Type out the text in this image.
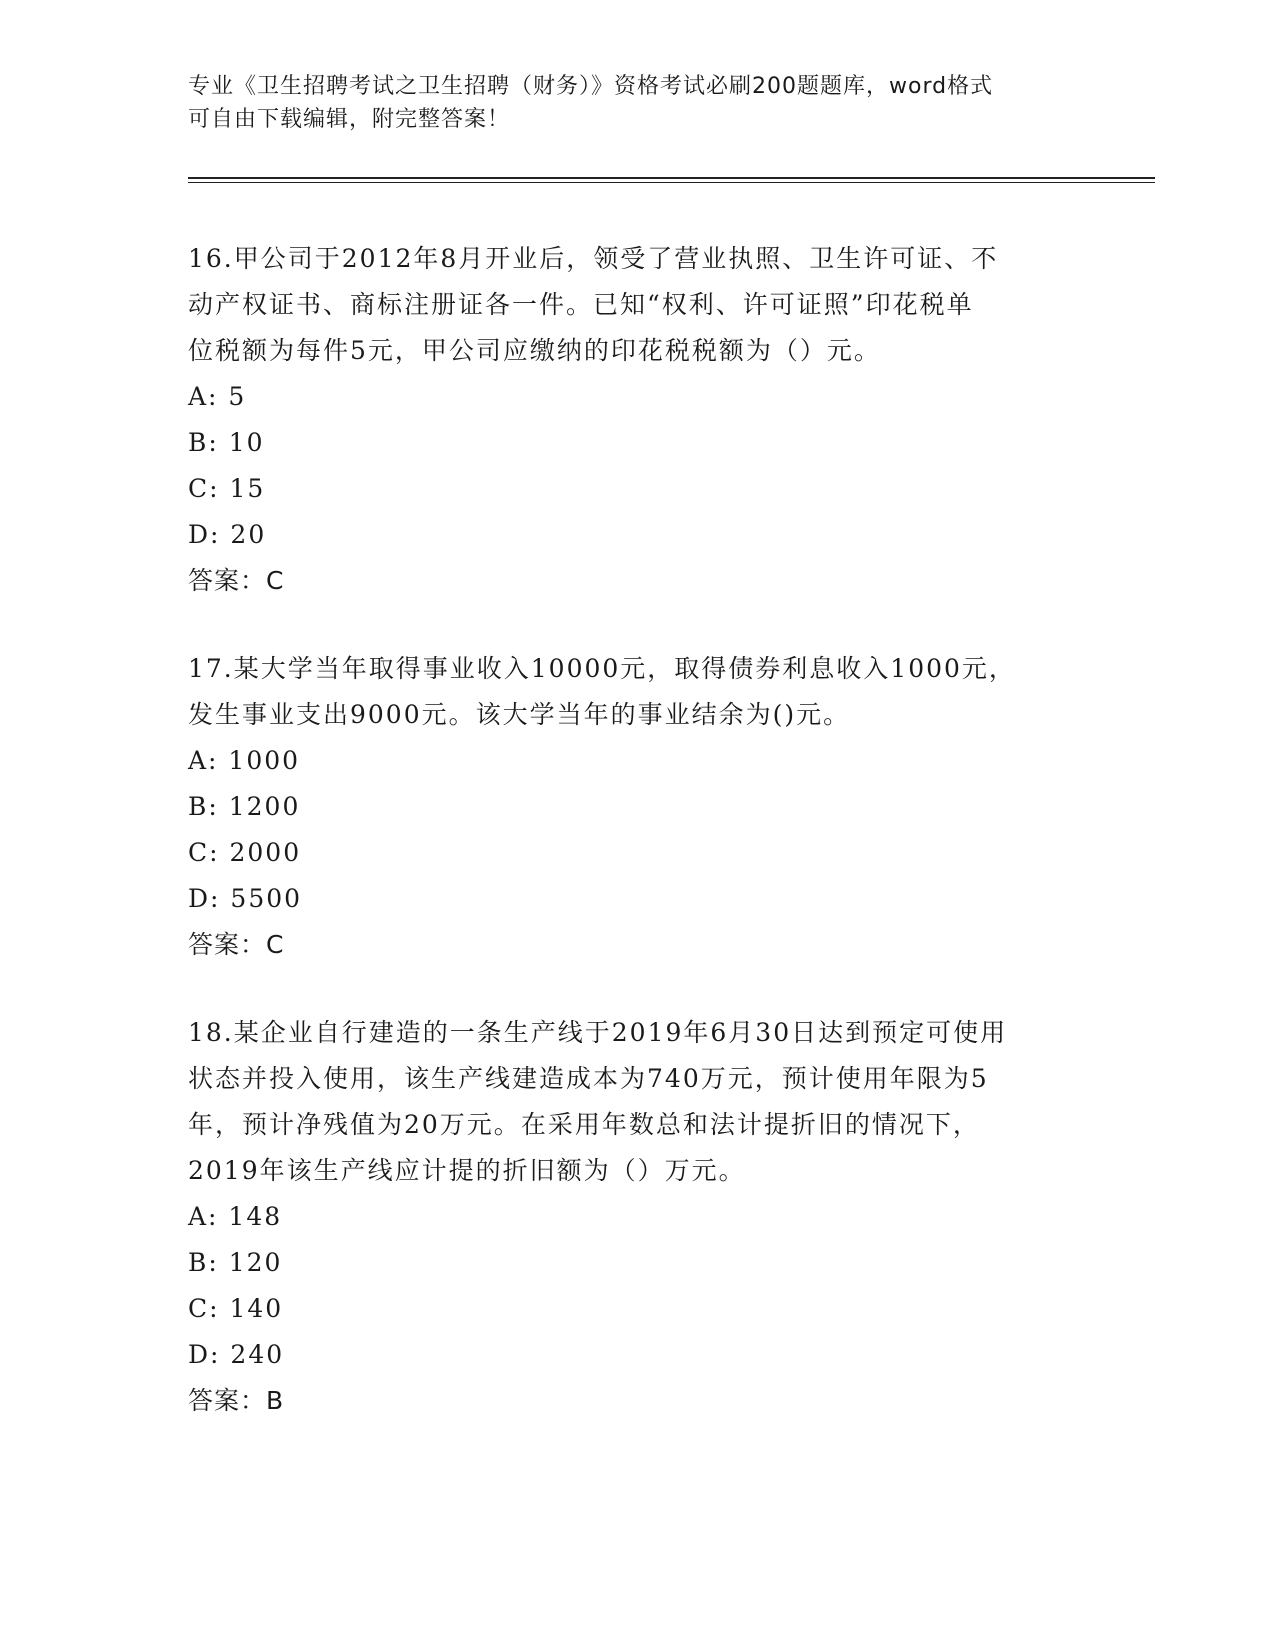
专业《卫生招聘考试之卫生招聘（财务）》资格考试必刷200题题库，word格式
可自由下载编辑，附完整答案！
16.甲公司于2012年8月开业后，领受了营业执照、卫生许可证、不
动产权证书、商标注册证各一件。已知“权利、许可证照”印花税单
位税额为每件5元，甲公司应缴纳的印花税税额为（）元。
A: 5
B: 10
C: 15
D: 20
答案：C
17.某大学当年取得事业收入10000元，取得债券利息收入1000元，
发生事业支出9000元。该大学当年的事业结余为()元。
A: 1000
B: 1200
C: 2000
D: 5500
答案：C
18.某企业自行建造的一条生产线于2019年6月30日达到预定可使用
状态并投入使用，该生产线建造成本为740万元，预计使用年限为5
年，预计净残值为20万元。在采用年数总和法计提折旧的情况下，
2019年该生产线应计提的折旧额为（）万元。
A: 148
B: 120
C: 140
D: 240
答案：B
